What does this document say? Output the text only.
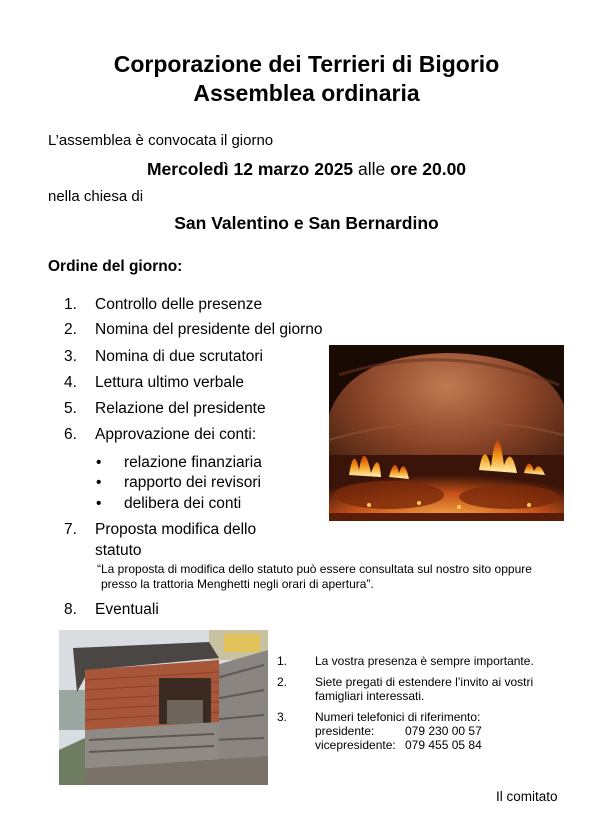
Corporazione dei Terrieri di Bigorio
Assemblea ordinaria
L’assemblea è convocata il giorno
Mercoledì 12 marzo 2025 alle ore 20.00
nella chiesa di
San Valentino e San Bernardino
Ordine del giorno:
1. Controllo delle presenze
2. Nomina del presidente del giorno
3. Nomina di due scrutatori
4. Lettura ultimo verbale
5. Relazione del presidente
6. Approvazione dei conti:
• relazione finanziaria
• rapporto dei revisori
• delibera dei conti
7. Proposta modifica dello
statuto
“La proposta di modifica dello statuto può essere consultata sul nostro sito oppure
presso la trattoria Menghetti negli orari di apertura”.
8. Eventuali
1. La vostra presenza è sempre importante.
2. Siete pregati di estendere l’invito ai vostri
famigliari interessati.
3. Numeri telefonici di riferimento:
presidente:	079 230 00 57
vicepresidente: 079 455 05 84
Il comitato
